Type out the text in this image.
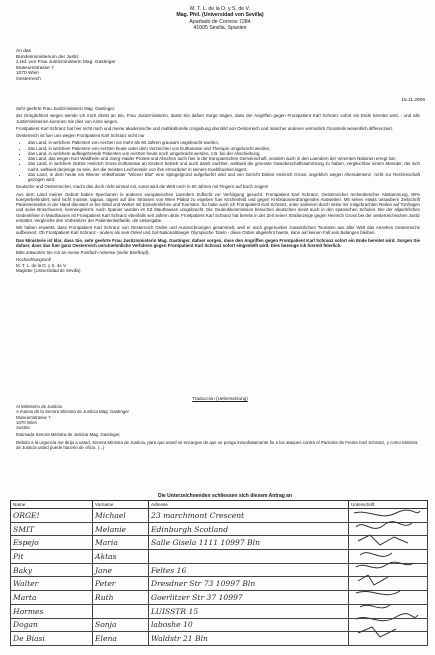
M. T. L. de la O. y S. de V.
Mag. Phil. (Universidad von Sevilla)
Apartado de Correos 7284
41005 Sevilla, Spanien
An das
Bundesministerium der Justiz
z.Hd. von Frau Justizministerin Mag. Gastinger
Museumstrasse 7
1070 Wien
Oesterreich
15.11.2006

Sehr geehrte Frau Justizministerin Mag. Gastinger,

der Dringlichkeit wegen wende ich mich direkt an Sie, Frau Justizministerin, damit Sie dafuer Sorge tragen, dass der Angriffen gegen Frontpatient Karl Schranz sofort ein Ende bereitet wird, - und alle Justizministerien koennen Sie dies von Amte wegen.

Frontpatient Karl Schranz hat hier nicht mich und meine akademische und multikulturelle Umgebung das Bild von Oesterreich und mancher anderen vermutlich Grossteils wesentlich differenziert.

Oesterreich ist fuer uns wegen Frontpatient Karl Schranz nicht nur

• das Land, in welchem Patienten von Aerzten vor mehr als 60 Jahren grausam ungebracht wurden,
• das Land, in welchem Patienten von Aerzten heute unter dem Vorzeichen von Euthanasie und Therapie umgebracht werden,
• das Land, in welchem aufbegehrende Patienten von Aerzten heute noch umgebracht werden, z.B. bei der Abschiebung,
• das Land, das wegen Kurt Waldheim und Joerg Haider Protest und Abschen auch hier in der Europaeischen Gemeinschaft, sondern auch in den Laendern der Vereinten Nationen erregt hat,
• das Land, in welchem Doktor Heinrich Gross Euthanasie an Kindern betrieb und auch damit nachher, weltweit die groesste Gewebeschaftssammlung zu haben, vergleichbar einem Moerder, der sich rueht, weltweit derjenige zu sein, der die meisten Leichenteile von ihm ermordeter in seinem Kuehlhuehen lagert,
• das Land, in dem heute ein Wiener Volkstheater "Wiener Blut" eine Spiegelgrund aufgefuehrt wird und von Gericht Doktor Heinrich Gross, angeblich wegen Altersdemenz, nicht zur Rechenschaft gezogen wird.

Deutsche und Oesterreicher, macht das doch nicht einmal mit, sonst wird die Welt noch in 60 Jahren mit Fingern auf Euch zeigen!

Aus dem Land meiner Geburt haben Spechanen in anderen europaeischen Laendern Zuflucht vor Verfolgung gesucht. Frontpatient Karl Schranz, Oesterreicher rechenbescher Abstammung, 80% koerperbehindert, wird nicht musste, tagaus, tagein auf den Strassen von Wien Plakat zu ergeben fuer Kirchenfeld und gegen Krebsausverdrangendes Ausweiten. Mit seiner etwas unsaubern Zeitschrift Patientenleiden in der Hand dienstert er bei Wind und Wetter mit Einnehmlichen und Touristen. So habe auch ich Frontpatient Karl Schranz, unter anderem durch seine mir mitgebrachten Reden auf Tonfragen und seine Broschueren, kennengelernt. Auch Spanier wurden im KZ Mauthausen umgebracht. Die Gedenkkommission besuchen deutschen meist auch in den spanischen Schulen. Bei der alljaehrlichen Gedenkfeier in Mauthausen ist Frontpatient Karl Schranz ebenfalls seit Jahren aktiv. Frontpatient Karl Schranz hat bereits in der Zeit seiner Strafanzeige gegen Heinrich Gross bei der oesterreichischen Justiz erstattet. Vergleiche den Vorbesitzer der Patientenleitfaelle, die Uebergabe.

Wir haben erwartet, dass Frontpatient Karl Schranz von Oesterreich Orden und Auszeichnungen gesammelt, weil er auch gegenueber zusaetzlichen Touristen aus aller Welt das Ansehen Oesterreichs aufbessert. Ob Frontpatient Karl Schranz - anders als sein Onkel und Sol-Nationaltraeger Olympische Toteln - diese Orden abgelehnt haette, kann auf keinen Fall sein Belangen bleiben.

Das Ministerie ist klar, dass Sie, sehr geehrte Frau Justizministerin Mag. Gastinger, dafuer sorgen, dass den Angriffen gegen Frontpatient Karl Schranz sofort ein Ende bereitet wird. Sorgen Sie dafuer, dass das fuer ganz Oesterreich unrutnehmliche Verfahren gegen Frontpatient Karl Schranz sofort eingestellt wird. Dies bezeuge ich hiermit feierlich.

Bitte antworten Sie mir an meine Postfach-Adresse (siehe Briefkopf).

Hochachtungsvoll
M. T. L. de la O. y S. de V.
Magister (Universidad de Sevilla)
Traduccion (Uebersetzung)
Al Ministerio de Justicia
A manos de la Senora Ministra de Justicia Mag. Gastinger
Museumstrasse 7
1070 Wien

Austria

Estimada Senora Ministra de Justicia Mag. Gastinger,

Debido a la urgencia me dirijo a usted, Senora Ministra de Justicia, para que usted se encargue de que se ponga inmediatamente fin a los ataques contra el Paciente de Frente Karl Schranz, y como Ministra de Justicia usted puede hacerlo de oficio. (...)

Die Unterzeichnenden schliessen sich diesem Antrag an
Name	Vorname	Adresse	Unterschrift
ORGE!	Michael	23 marchmont Crescent	
SMIT	Melanie	Edinburgh Scotland	
Espejo	Maria	Salle Gisela 1111 10997 Bln	
Pit	Aktas		
Baky	Jane	Feltes 16	
Walter	Peter	Dresdner Str 73 10997 Bln	
Marta	Ruth	Goerlitzer Str 37 10997	
Hormes		LUISSTR 15	
Dogan	Sonja	laboshe 10	
De Biasi	Elena	Waldstr 21 Bln	
